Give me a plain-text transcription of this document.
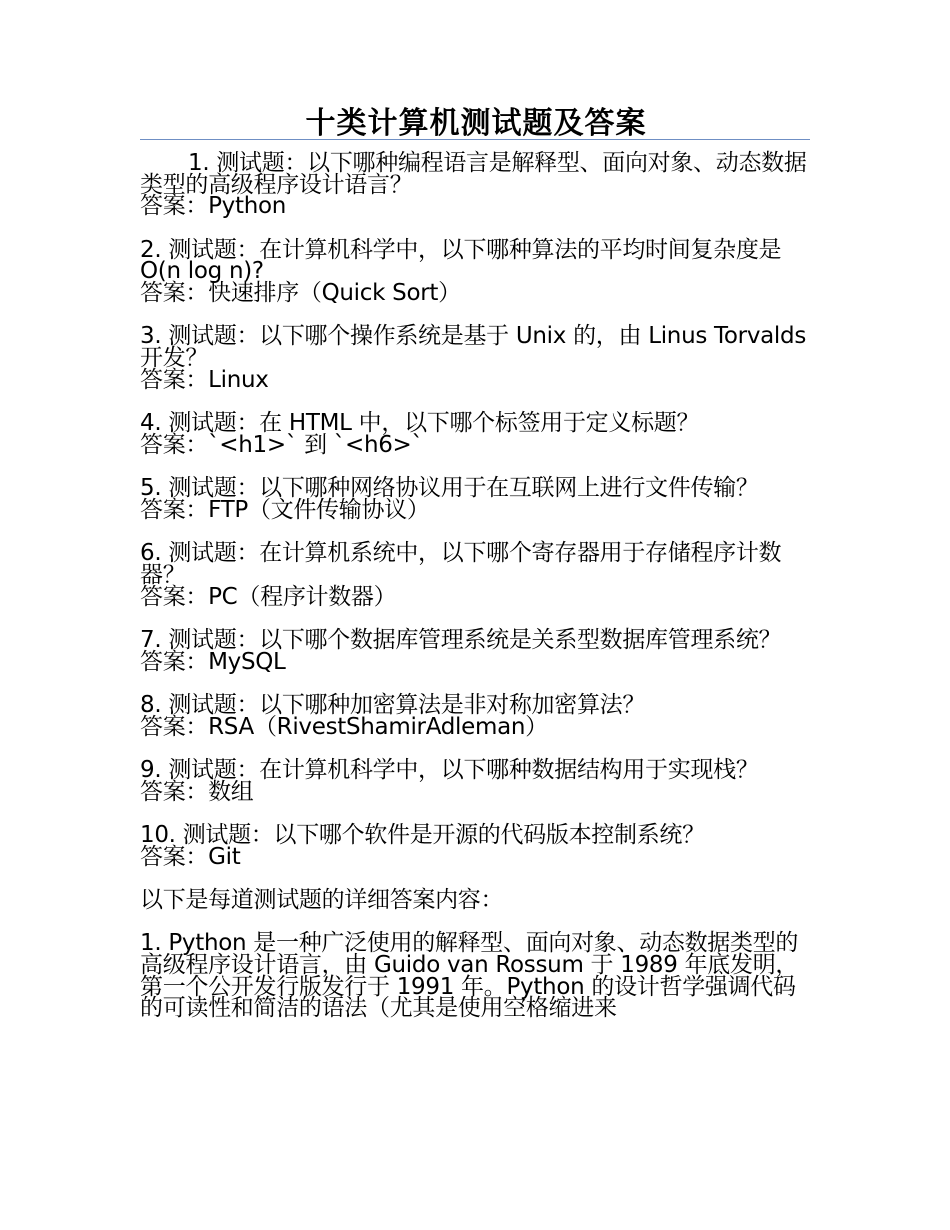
十类计算机测试题及答案
1. 测试题：以下哪种编程语言是解释型、面向对象、动态数据类型的高级程序设计语言？
答案：Python
2. 测试题：在计算机科学中，以下哪种算法的平均时间复杂度是 O(n log n)?
答案：快速排序（Quick Sort）
3. 测试题：以下哪个操作系统是基于 Unix 的，由 Linus Torvalds 开发？
答案：Linux
4. 测试题：在 HTML 中，以下哪个标签用于定义标题？
答案：`<h1>` 到 `<h6>`
5. 测试题：以下哪种网络协议用于在互联网上进行文件传输？
答案：FTP（文件传输协议）
6. 测试题：在计算机系统中，以下哪个寄存器用于存储程序计数器？
答案：PC（程序计数器）
7. 测试题：以下哪个数据库管理系统是关系型数据库管理系统？
答案：MySQL
8. 测试题：以下哪种加密算法是非对称加密算法？
答案：RSA（RivestShamirAdleman）
9. 测试题：在计算机科学中，以下哪种数据结构用于实现栈？
答案：数组
10. 测试题：以下哪个软件是开源的代码版本控制系统？
答案：Git

以下是每道测试题的详细答案内容：

1. Python 是一种广泛使用的解释型、面向对象、动态数据类型的高级程序设计语言，由 Guido van Rossum 于 1989 年底发明，第一个公开发行版发行于 1991 年。Python 的设计哲学强调代码的可读性和简洁的语法（尤其是使用空格缩进来
